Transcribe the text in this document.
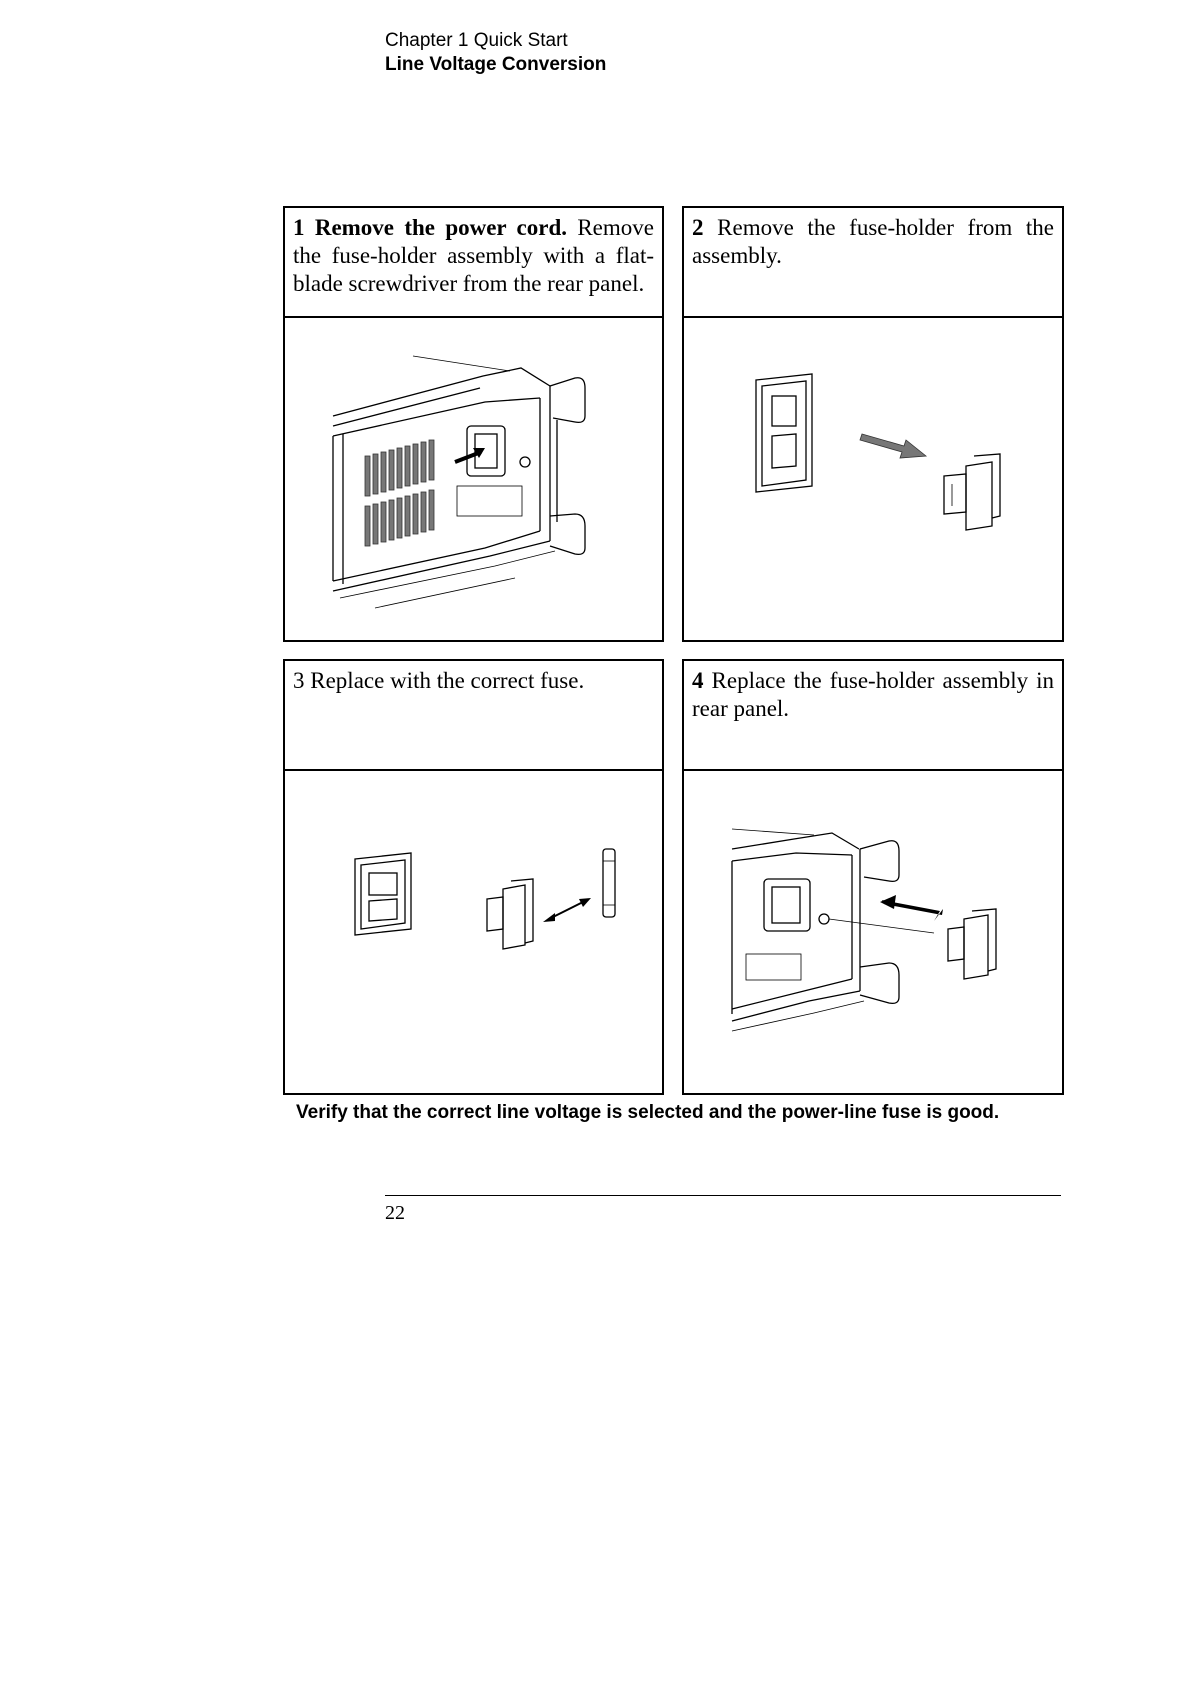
Chapter 1 Quick Start
Line Voltage Conversion
1 Remove the power cord. Remove the fuse-holder assembly with a flat-blade screwdriver from the rear panel.
2 Remove the fuse-holder from the assembly.
3 Replace with the correct fuse.	4 Replace the fuse-holder assembly in rear panel.
Verify that the correct line voltage is selected and the power-line fuse is good.
22
